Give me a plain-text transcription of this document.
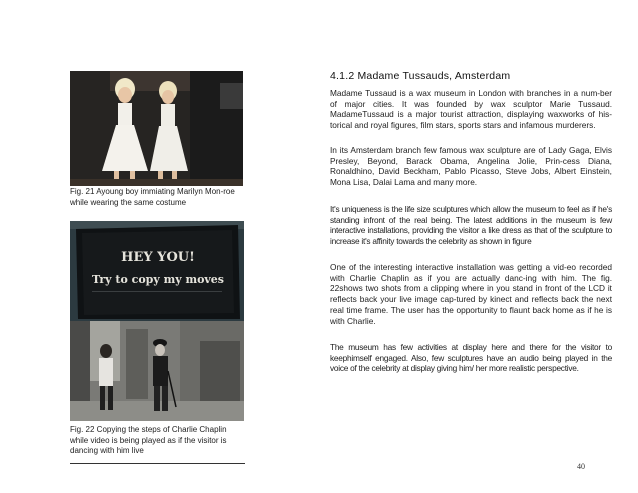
Fig. 21 Ayoung boy immiating Marilyn Mon-roe while wearing the same costume

HEY YOU!
Try to copy my moves

Fig. 22 Copying the steps of Charlie Chaplin while video is being played as if the visitor is dancing with him live

4.1.2 Madame Tussauds, Amsterdam

Madame Tussaud is a wax museum in London with branches in a num-ber of major cities. It was founded by wax sculptor Marie Tussaud. MadameTussaud is a major tourist attraction, displaying waxworks of his-torical and royal figures, film stars, sports stars and infamous murderers.

In its Amsterdam branch few famous wax sculpture are of Lady Gaga, Elvis Presley, Beyond, Barack Obama, Angelina Jolie, Prin-cess Diana, Ronaldhino, David Beckham, Pablo Picasso, Steve Jobs, Albert Einstein, Mona Lisa, Dalai Lama and many more.

It's uniqueness is the life size sculptures which allow the museum to feel as if he's standing infront of the real being. The latest additions in the museum is few interactive installations, providing the visitor a like dress as that of the sculpture to increase it's affinity towards the celebrity as shown in figure

One of the interesting interactive installation was getting a vid-eo recorded with Charlie Chaplin as if you are actually danc-ing with him. The fig. 22shows two shots from a clipping where in you stand in front of the LCD it reflects back your live image cap-tured by kinect and reflects back the next real time frame. The user has the opportunity to flaunt back home as if he is with Charlie.

The museum has few activities at display here and there for the visitor to keephimself engaged. Also, few sculptures have an audio being played in the voice of the celebrity at display giving him/ her more realistic perspective.

40
